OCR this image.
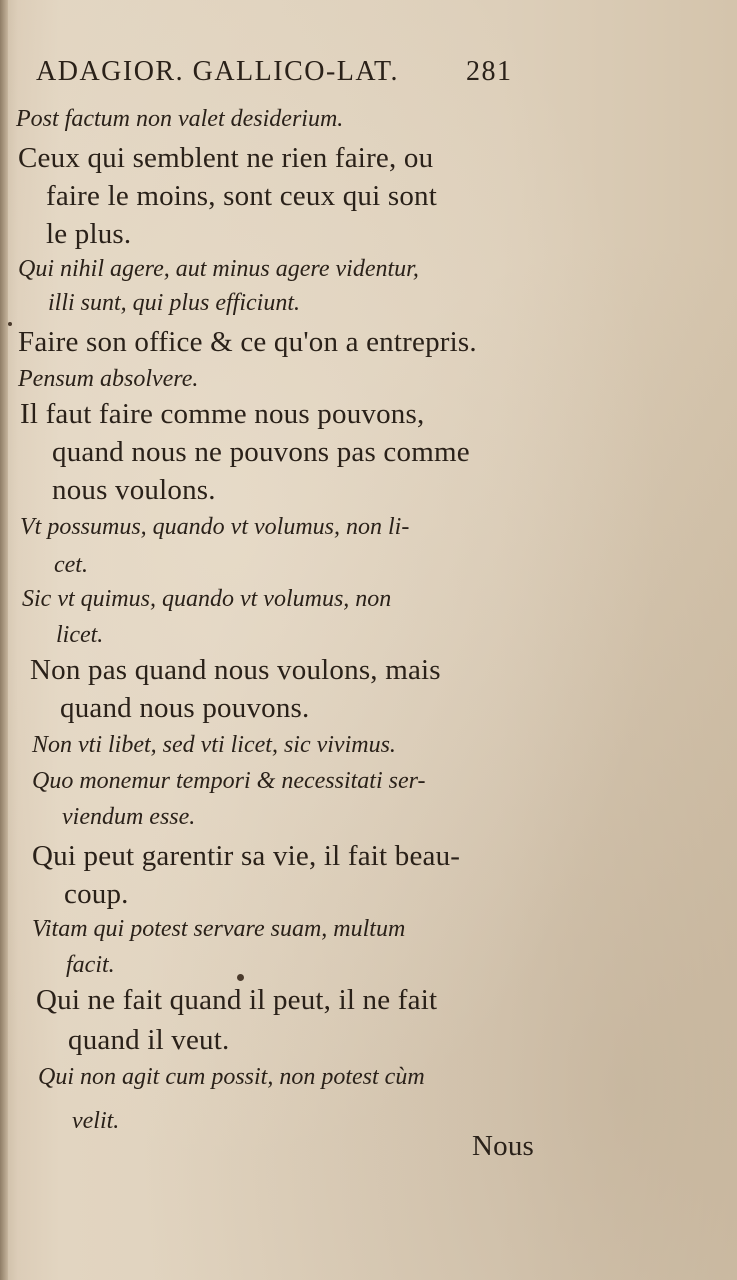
ADAGIOR. GALLICO-LAT. 281
Post factum non valet desiderium.
Ceux qui semblent ne rien faire, ou
faire le moins, sont ceux qui sont
le plus.
Qui nihil agere, aut minus agere videntur,
illi sunt, qui plus efficiunt.
Faire son office & ce qu'on a entrepris.
Pensum absolvere.
Il faut faire comme nous pouvons,
quand nous ne pouvons pas comme
nous voulons.
Vt possumus, quando vt volumus, non li-
cet.
Sic vt quimus, quando vt volumus, non
licet.
Non pas quand nous voulons, mais
quand nous pouvons.
Non vti libet, sed vti licet, sic vivimus.
Quo monemur tempori & necessitati ser-
viendum esse.
Qui peut garentir sa vie, il fait beau-
coup.
Vitam qui potest servare suam, multum
facit.
Qui ne fait quand il peut, il ne fait
quand il veut.
Qui non agit cum possit, non potest cùm
velit.
Nous
